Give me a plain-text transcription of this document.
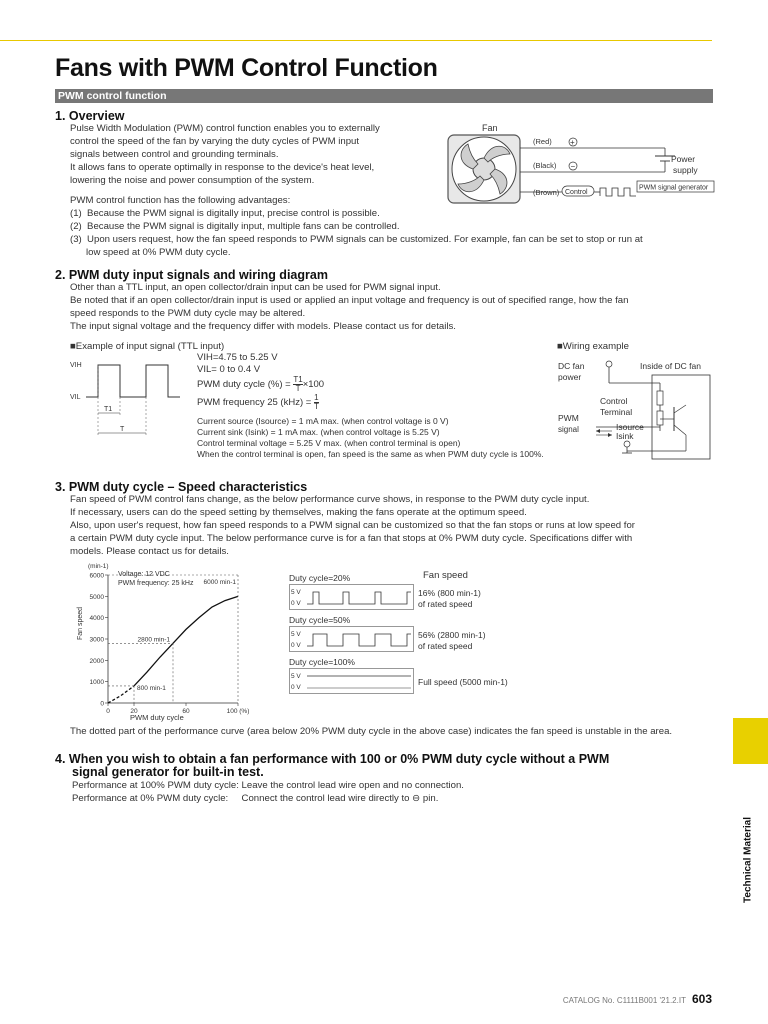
Fans with PWM Control Function
PWM control function
1. Overview

Pulse Width Modulation (PWM) control function enables you to externally

control the speed of the fan by varying the duty cycles of PWM input

signals between control and grounding terminals.

It allows fans to operate optimally in response to the device's heat level,

lowering the noise and power consumption of the system.

PWM control function has the following advantages:

(1)  Because the PWM signal is digitally input, precise control is possible.

(2)  Because the PWM signal is digitally input, multiple fans can be controlled.

(3)  Upon users request, how the fan speed responds to PWM signals can be customized. For example, fan can be set to stop or run at

low speed at 0% PWM duty cycle.

Fan
(Red)
(Black)
(Brown)
+
−
Control
Power
supply
PWM signal generator
2. PWM duty input signals and wiring diagram

Other than a TTL input, an open collector/drain input can be used for PWM signal input.

Be noted that if an open collector/drain input is used or applied an input voltage and frequency is out of specified range, how the fan

speed responds to the PWM duty cycle may be altered.

The input signal voltage and the frequency differ with models. Please contact us for details.

■Example of input signal (TTL input)
VIH
VIL
T1
T
VIH=4.75 to 5.25 V
VIL= 0 to 0.4 V
PWM duty cycle (%) = $\frac{T1}{T} \times 100$
PWM frequency 25 $(kHz) = \frac{1}{T}$
Current source (Isource) = 1 mA max. (when control voltage is 0 V)
Current sink (Isink) = 1 mA max. (when control voltage is 5.25 V)
Control terminal voltage = 5.25 V max. (when control terminal is open)
When the control terminal is open, fan speed is the same as when PWM duty cycle is 100%.
■Wiring example
DC fan
power
Inside of DC fan
Control
Terminal
PWM
signal	Isource
Isink
3. PWM duty cycle – Speed characteristics

Fan speed of PWM control fans change, as the below performance curve shows, in response to the PWM duty cycle input.

If necessary, users can do the speed setting by themselves, making the fans operate at the optimum speed.

Also, upon user's request, how fan speed responds to a PWM signal can be customized so that the fan stops or runs at low speed for

a certain PWM duty cycle input. The below performance curve is for a fan that stops at 0% PWM duty cycle. Specifications differ with

models. Please contact us for details.

(min-1)
Voltage: 12 VDC
PWM frequency: 25 kHz
PWM duty cycle
Fan speed
0
1000
2000
3000
4000
5000
6000
0	20	60	100 (%)
6000 min-1
2800 min-1
800 min-1
Fan speed
Duty cycle=20%
5 V
0 V
16% (800 min-1)
of rated speed
Duty cycle=50%
5 V
0 V
56% (2800 min-1)
of rated speed
Duty cycle=100%
5 V
0 V
Full speed (5000 min-1)
The dotted part of the performance curve (area below 20% PWM duty cycle in the above case) indicates the fan speed is unstable in the area.
4. When you wish to obtain a fan performance with 100 or 0% PWM duty cycle without a PWM
signal generator for built-in test.

Performance at 100% PWM duty cycle: Leave the control lead wire open and no connection.

Performance at 0% PWM duty cycle:     Connect the control lead wire directly to ⊖ pin.

Technical Material
CATALOG No. C1111B001 '21.2.IT 603
